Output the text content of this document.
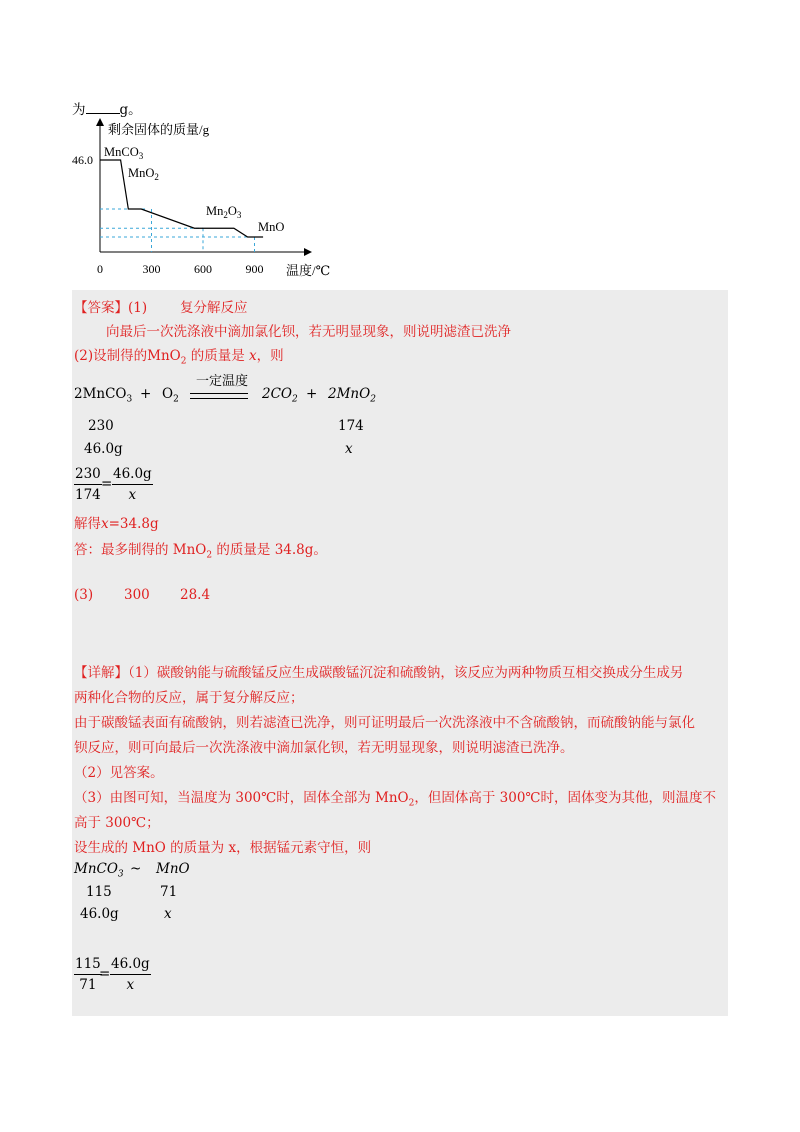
为	g。
剩余固体的质量/g
温度/℃
0	300	600	900
46.0
MnCO$_3$
MnO$_2$
$Mn_2O_3$
MnO
【答案】(1) 复分解反应
向最后一次洗涤液中滴加氯化钡，若无明显现象，则说明滤渣已洗净
(2)设制得的MnO$_2$ 的质量是 x，则
2MnCO$_3$ + $O_2$
一定温度
$2CO_2 + 2MnO_2$
230
46.0g
174
x
$\frac{230}{174} = \frac{46.0g}{x}$
解得x=34.8g
答：最多制得的 MnO$_2$ 的质量是 34.8g。
(3) 300 28.4
【详解】（1）碳酸钠能与硫酸锰反应生成碳酸锰沉淀和硫酸钠，该反应为两种物质互相交换成分生成另
两种化合物的反应，属于复分解反应；
由于碳酸锰表面有硫酸钠，则若滤渣已洗净，则可证明最后一次洗涤液中不含硫酸钠，而硫酸钠能与氯化
钡反应，则可向最后一次洗涤液中滴加氯化钡，若无明显现象，则说明滤渣已洗净。
（2）见答案。
（3）由图可知，当温度为 300℃时，固体全部为 MnO$_2$，但固体高于 300℃时，固体变为其他，则温度不
高于 300℃；
设生成的 MnO 的质量为 x，根据锰元素守恒，则
MnCO$_3$ ~ MnO
115	71
46.0g	x
$\frac{115}{71}$
= $\frac{46.0g}{x}$
